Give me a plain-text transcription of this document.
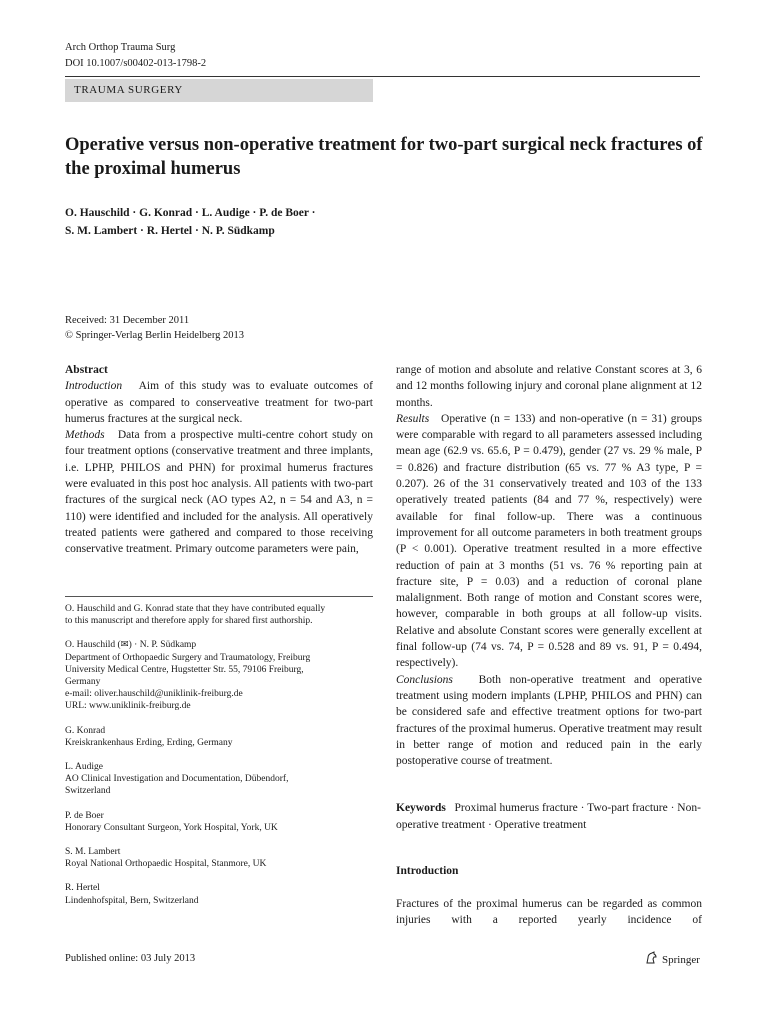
Arch Orthop Trauma Surg
DOI 10.1007/s00402-013-1798-2
TRAUMA SURGERY
Operative versus non-operative treatment for two-part surgical neck fractures of the proximal humerus
O. Hauschild · G. Konrad · L. Audige · P. de Boer ·
S. M. Lambert · R. Hertel · N. P. Südkamp
Received: 31 December 2011
© Springer-Verlag Berlin Heidelberg 2013

Abstract

Introduction Aim of this study was to evaluate outcomes of operative as compared to conserveative treatment for two-part humerus fractures at the surgical neck.

Methods Data from a prospective multi-centre cohort study on four treatment options (conservative treatment and three implants, i.e. LPHP, PHILOS and PHN) for proximal humerus fractures were evaluated in this post hoc analysis. All patients with two-part fractures of the surgical neck (AO types A2, n = 54 and A3, n = 110) were identified and included for the analysis. All operatively treated patients were gathered and compared to those receiving conservative treatment. Primary outcome parameters were pain,

range of motion and absolute and relative Constant scores at 3, 6 and 12 months following injury and coronal plane alignment at 12 months.

Results Operative (n = 133) and non-operative (n = 31) groups were comparable with regard to all parameters assessed including mean age (62.9 vs. 65.6, P = 0.479), gender (27 vs. 29 % male, P = 0.826) and fracture distribution (65 vs. 77 % A3 type, P = 0.207). 26 of the 31 conservatively treated and 103 of the 133 operatively treated patients (84 and 77 %, respectively) were available for final follow-up. There was a continuous improvement for all outcome parameters in both treatment groups (P < 0.001). Operative treatment resulted in a more effective reduction of pain at 3 months (51 vs. 76 % reporting pain at fracture site, P = 0.03) and a reduction of coronal plane malalignment. Both range of motion and Constant scores were, however, comparable in both groups at all follow-up visits. Relative and absolute Constant scores were generally excellent at final follow-up (74 vs. 74, P = 0.528 and 89 vs. 91, P = 0.494, respectively).

Conclusions Both non-operative treatment and operative treatment using modern implants (LPHP, PHILOS and PHN) can be considered safe and effective treatment options for two-part fractures of the proximal humerus. Operative treatment may result in better range of motion and reduced pain in the early postoperative course of treatment.

Keywords Proximal humerus fracture · Two-part fracture · Non-operative treatment · Operative treatment
Introduction
Fractures of the proximal humerus can be regarded as common injuries with a reported yearly incidence of
O. Hauschild and G. Konrad state that they have contributed equally
to this manuscript and therefore apply for shared first authorship.
O. Hauschild (✉) · N. P. Südkamp
Department of Orthopaedic Surgery and Traumatology, Freiburg
University Medical Centre, Hugstetter Str. 55, 79106 Freiburg,
Germany
e-mail: oliver.hauschild@uniklinik-freiburg.de
URL: www.uniklinik-freiburg.de
G. Konrad
Kreiskrankenhaus Erding, Erding, Germany
L. Audige
AO Clinical Investigation and Documentation, Dübendorf,
Switzerland
P. de Boer
Honorary Consultant Surgeon, York Hospital, York, UK
S. M. Lambert
Royal National Orthopaedic Hospital, Stanmore, UK
R. Hertel
Lindenhofspital, Bern, Switzerland
Published online: 03 July 2013	Springer
